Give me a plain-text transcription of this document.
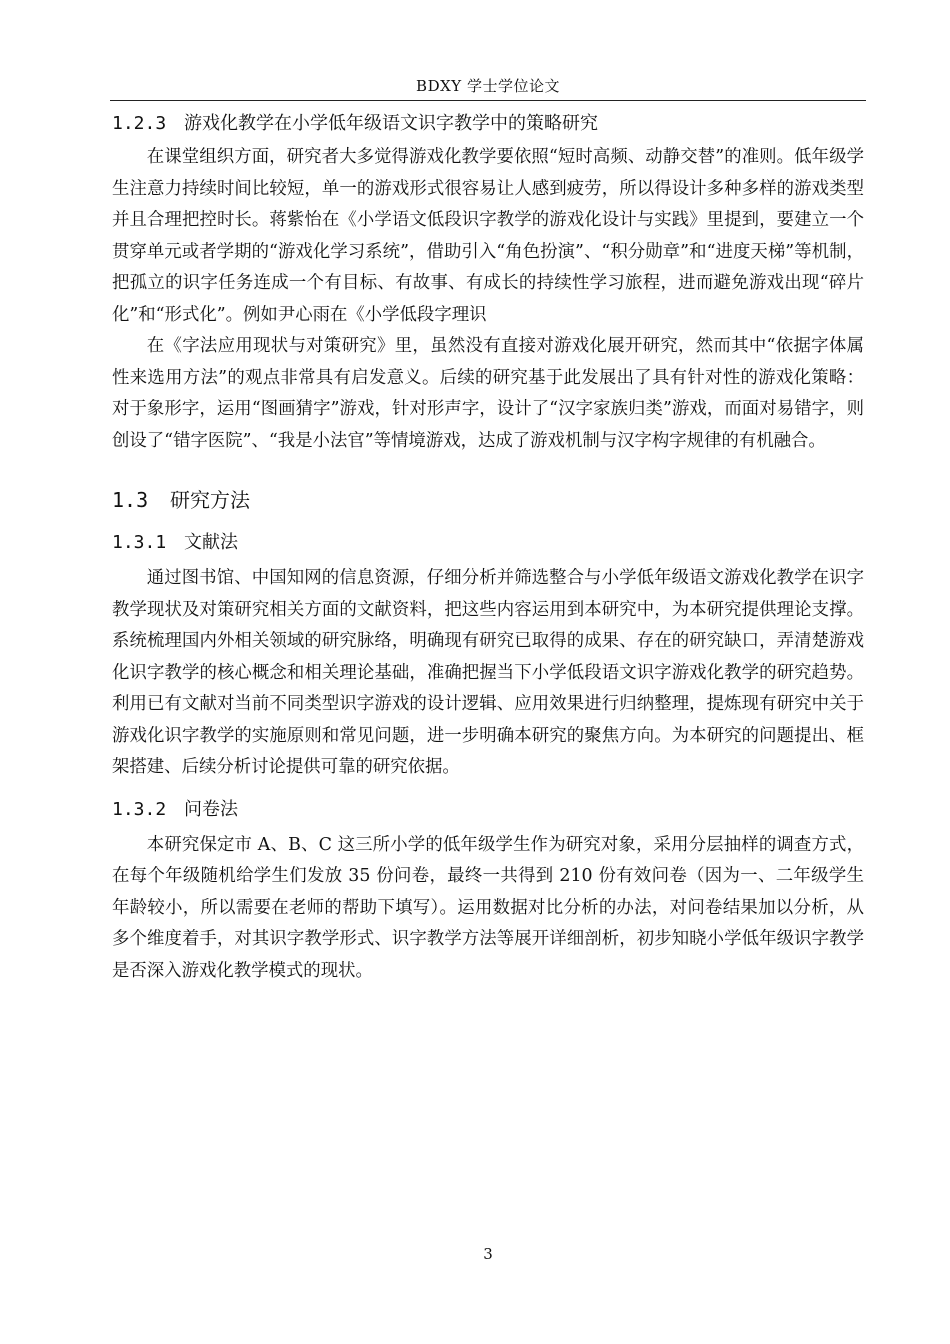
BDXY 学士学位论文
1.2.3 游戏化教学在小学低年级语文识字教学中的策略研究

在课堂组织方面，研究者大多觉得游戏化教学要依照“短时高频、动静交替”的准则。低年级学生注意力持续时间比较短，单一的游戏形式很容易让人感到疲劳，所以得设计多种多样的游戏类型并且合理把控时长。蒋紫怡在《小学语文低段识字教学的游戏化设计与实践》里提到，要建立一个贯穿单元或者学期的“游戏化学习系统”，借助引入“角色扮演”、“积分勋章”和“进度天梯”等机制，把孤立的识字任务连成一个有目标、有故事、有成长的持续性学习旅程，进而避免游戏出现“碎片化”和“形式化”。例如尹心雨在《小学低段字理识

在《字法应用现状与对策研究》里，虽然没有直接对游戏化展开研究，然而其中“依据字体属性来选用方法”的观点非常具有启发意义。后续的研究基于此发展出了具有针对性的游戏化策略：对于象形字，运用“图画猜字”游戏，针对形声字，设计了“汉字家族归类”游戏，而面对易错字，则创设了“错字医院”、“我是小法官”等情境游戏，达成了游戏机制与汉字构字规律的有机融合。

1.3 研究方法
1.3.1 文献法

通过图书馆、中国知网的信息资源，仔细分析并筛选整合与小学低年级语文游戏化教学在识字教学现状及对策研究相关方面的文献资料，把这些内容运用到本研究中，为本研究提供理论支撑。系统梳理国内外相关领域的研究脉络，明确现有研究已取得的成果、存在的研究缺口，弄清楚游戏化识字教学的核心概念和相关理论基础，准确把握当下小学低段语文识字游戏化教学的研究趋势。利用已有文献对当前不同类型识字游戏的设计逻辑、应用效果进行归纳整理，提炼现有研究中关于游戏化识字教学的实施原则和常见问题，进一步明确本研究的聚焦方向。为本研究的问题提出、框架搭建、后续分析讨论提供可靠的研究依据。

1.3.2 问卷法

本研究保定市 A、B、C 这三所小学的低年级学生作为研究对象，采用分层抽样的调查方式，在每个年级随机给学生们发放 35 份问卷，最终一共得到 210 份有效问卷（因为一、二年级学生年龄较小，所以需要在老师的帮助下填写）。运用数据对比分析的办法，对问卷结果加以分析，从多个维度着手，对其识字教学形式、识字教学方法等展开详细剖析，初步知晓小学低年级识字教学是否深入游戏化教学模式的现状。

3
